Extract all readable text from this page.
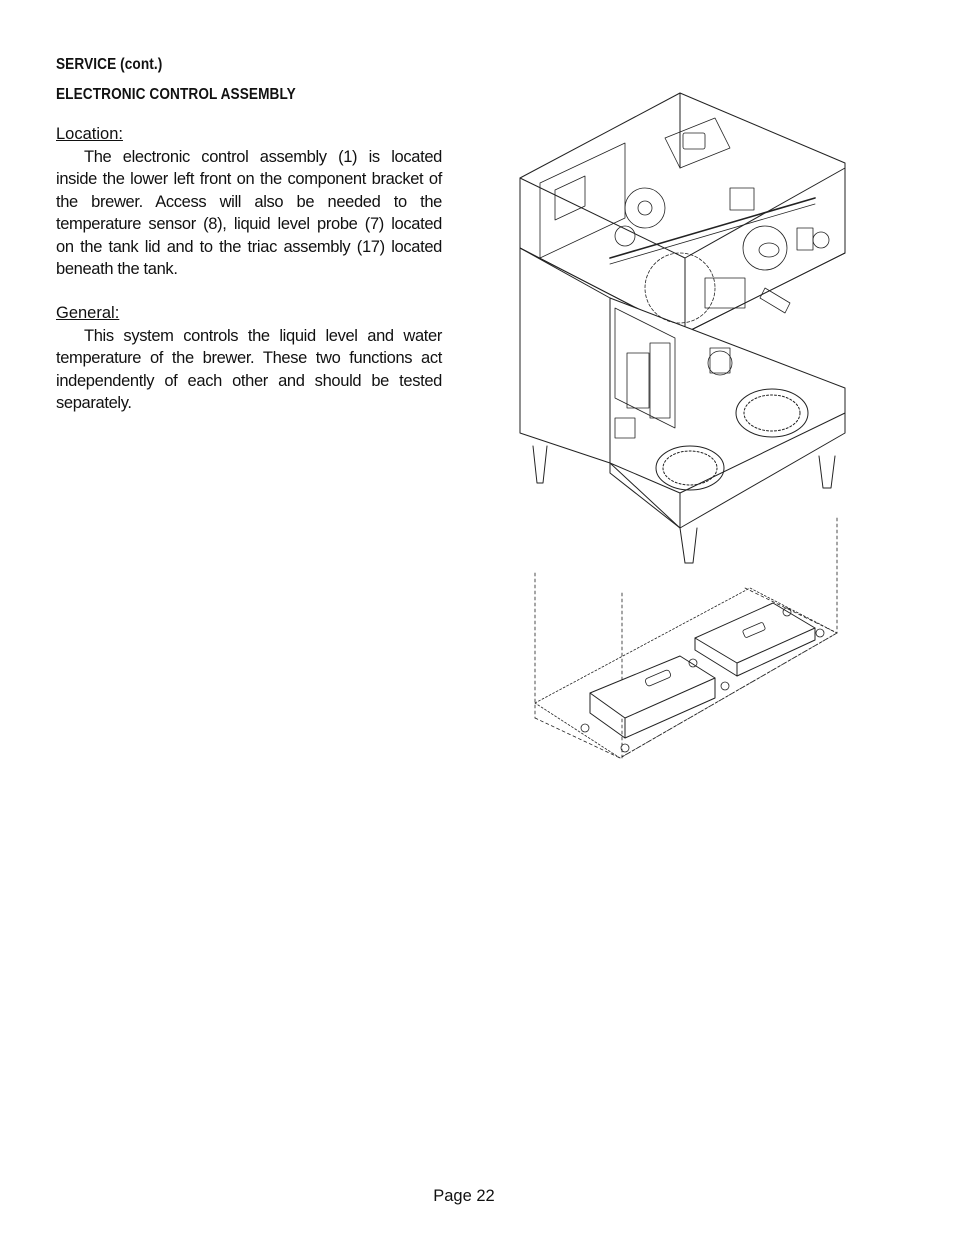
SERVICE (cont.)
ELECTRONIC CONTROL ASSEMBLY
Location:

The electronic control assembly (1) is located inside the lower left front on the component bracket of the brewer. Access will also be needed to the temperature sensor (8), liquid level probe (7) located on the tank lid and to the triac assembly (17) located beneath the tank.

General:

This system controls the liquid level and water temperature of the brewer. These two functions act independently of each other and should be tested separately.

Page 22
